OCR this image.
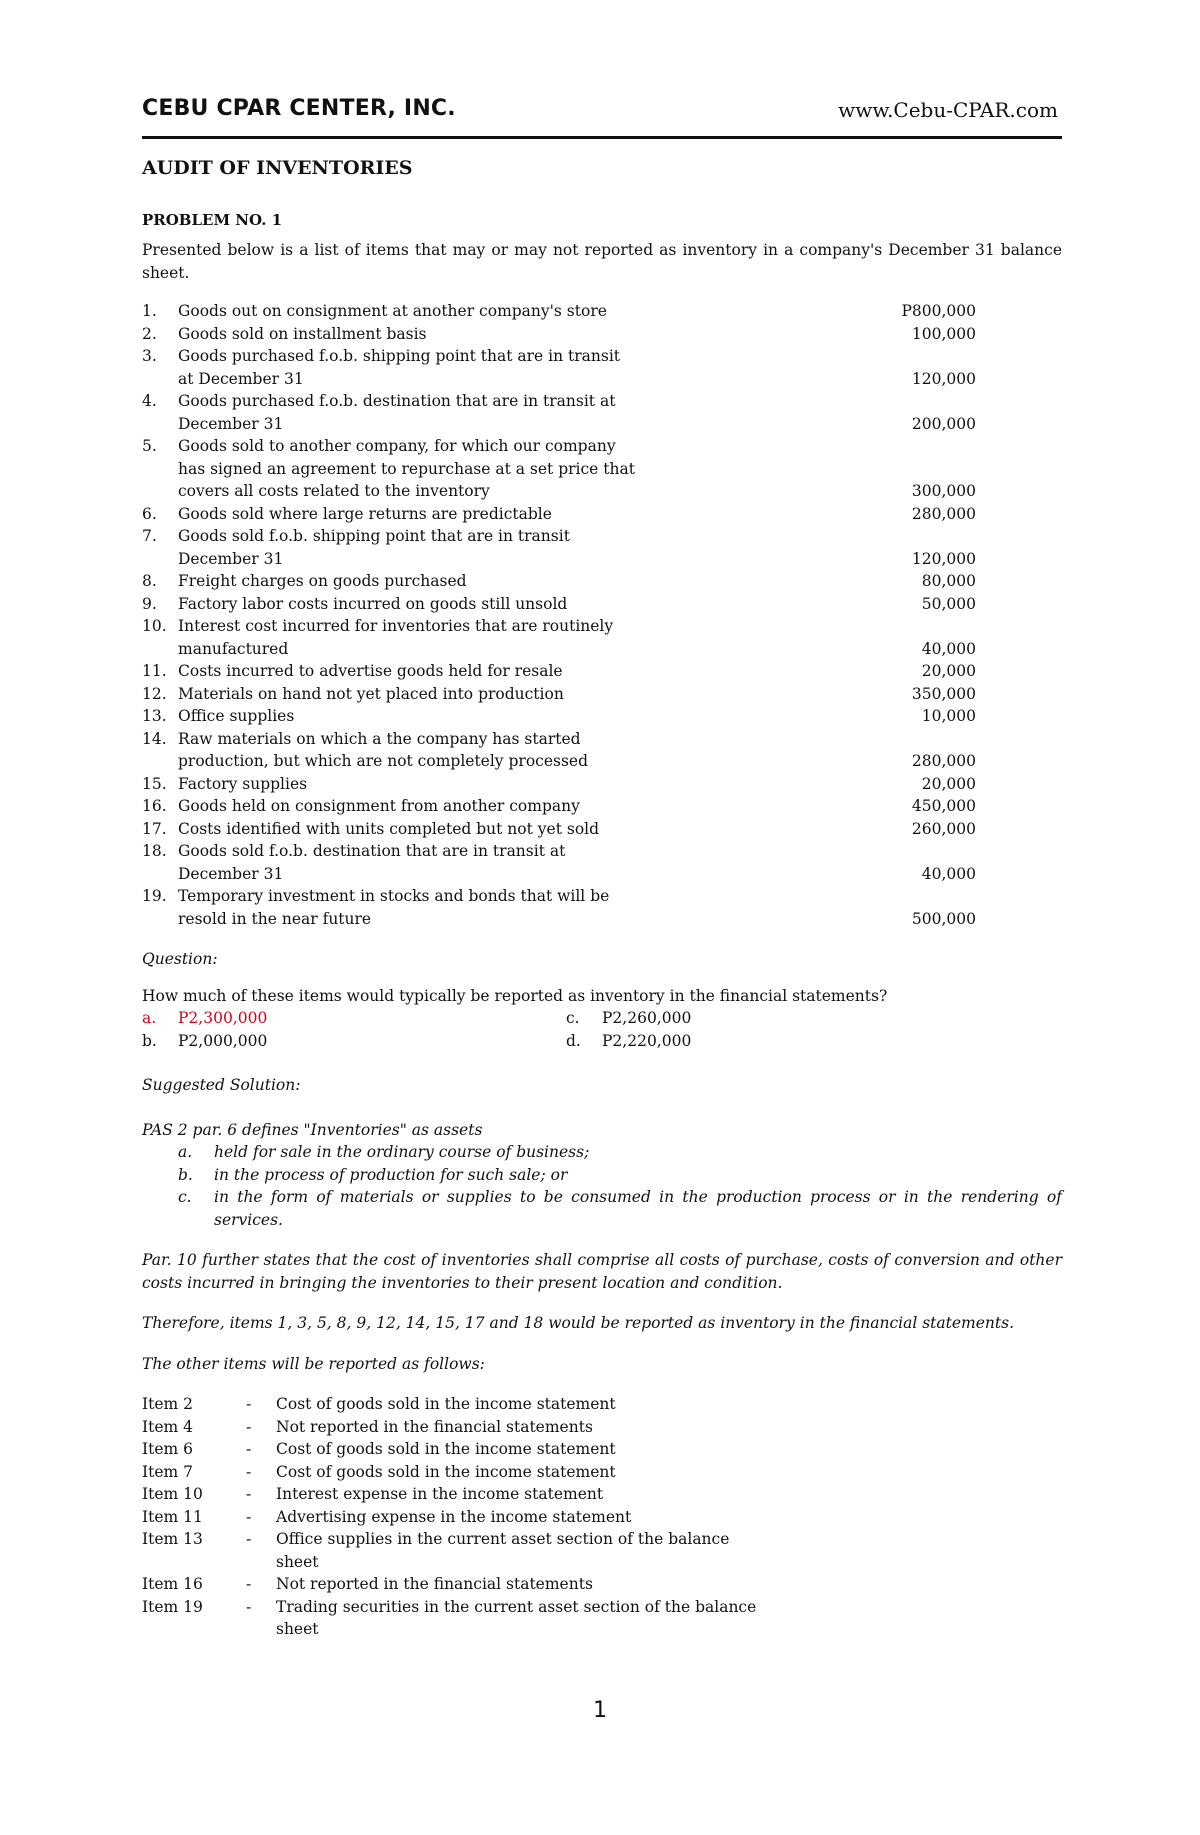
CEBU CPAR CENTER, INC.	www.Cebu-CPAR.com
AUDIT OF INVENTORIES
PROBLEM NO. 1

Presented below is a list of items that may or may not reported as inventory in a company's December 31 balance sheet.

1.	Goods out on consignment at another company's store	P800,000
2.	Goods sold on installment basis	100,000
3.	Goods purchased f.o.b. shipping point that are in transit
at December 31	120,000
4.	Goods purchased f.o.b. destination that are in transit at
December 31	200,000
5.	Goods sold to another company, for which our company
has signed an agreement to repurchase at a set price that
covers all costs related to the inventory	300,000
6.	Goods sold where large returns are predictable	280,000
7.	Goods sold f.o.b. shipping point that are in transit
December 31	120,000
8.	Freight charges on goods purchased	80,000
9.	Factory labor costs incurred on goods still unsold	50,000
10. Interest cost incurred for inventories that are routinely
manufactured	40,000
11. Costs incurred to advertise goods held for resale	20,000
12. Materials on hand not yet placed into production	350,000
13. Office supplies	10,000
14. Raw materials on which a the company has started
production, but which are not completely processed	280,000
15. Factory supplies	20,000
16. Goods held on consignment from another company	450,000
17. Costs identified with units completed but not yet sold	260,000
18. Goods sold f.o.b. destination that are in transit at
December 31	40,000
19. Temporary investment in stocks and bonds that will be
resold in the near future	500,000

Question:

How much of these items would typically be reported as inventory in the financial statements?

a.	P2,300,000	c.	P2,260,000
b.	P2,000,000	d.	P2,220,000

Suggested Solution:

PAS 2 par. 6 defines "Inventories" as assets

a.	held for sale in the ordinary course of business;
b.	in the process of production for such sale; or
c.	in the form of materials or supplies to be consumed in the production process or in the rendering of services.

Par. 10 further states that the cost of inventories shall comprise all costs of purchase, costs of conversion and other costs incurred in bringing the inventories to their present location and condition.

Therefore, items 1, 3, 5, 8, 9, 12, 14, 15, 17 and 18 would be reported as inventory in the financial statements.

The other items will be reported as follows:

Item 2	-	Cost of goods sold in the income statement
Item 4	-	Not reported in the financial statements
Item 6	-	Cost of goods sold in the income statement
Item 7	-	Cost of goods sold in the income statement
Item 10	-	Interest expense in the income statement
Item 11	-	Advertising expense in the income statement
Item 13	-	Office supplies in the current asset section of the balance
sheet
Item 16	-	Not reported in the financial statements
Item 19	-	Trading securities in the current asset section of the balance
sheet
1
